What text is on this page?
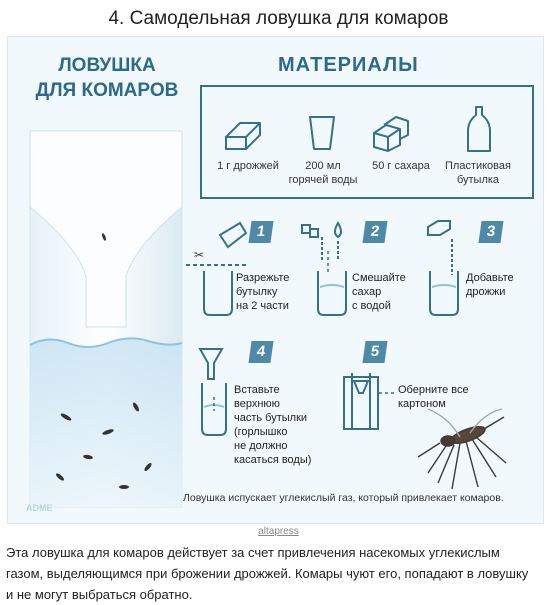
4. Самодельная ловушка для комаров
✂
ЛОВУШКА
ДЛЯ КОМАРОВ
МАТЕРИАЛЫ
1 г дрожжей	200 мл
горячей воды
50 г сахара	Пластиковая
бутылка
1	2	3
4	5
Разрежьте
бутылку
на 2 части
Смешайте
сахар
с водой
Добавьте
дрожжи
Вставьте
верхнюю
часть бутылки
(горлышко
не должно
касаться воды)
Оберните все
картоном
Ловушка испускает углекислый газ, который привлекает комаров.
ADME
altapress
Эта ловушка для комаров действует за счет привлечения насекомых углекислым
газом, выделяющимся при брожении дрожжей. Комары чуют его, попадают в ловушку
и не могут выбраться обратно.
